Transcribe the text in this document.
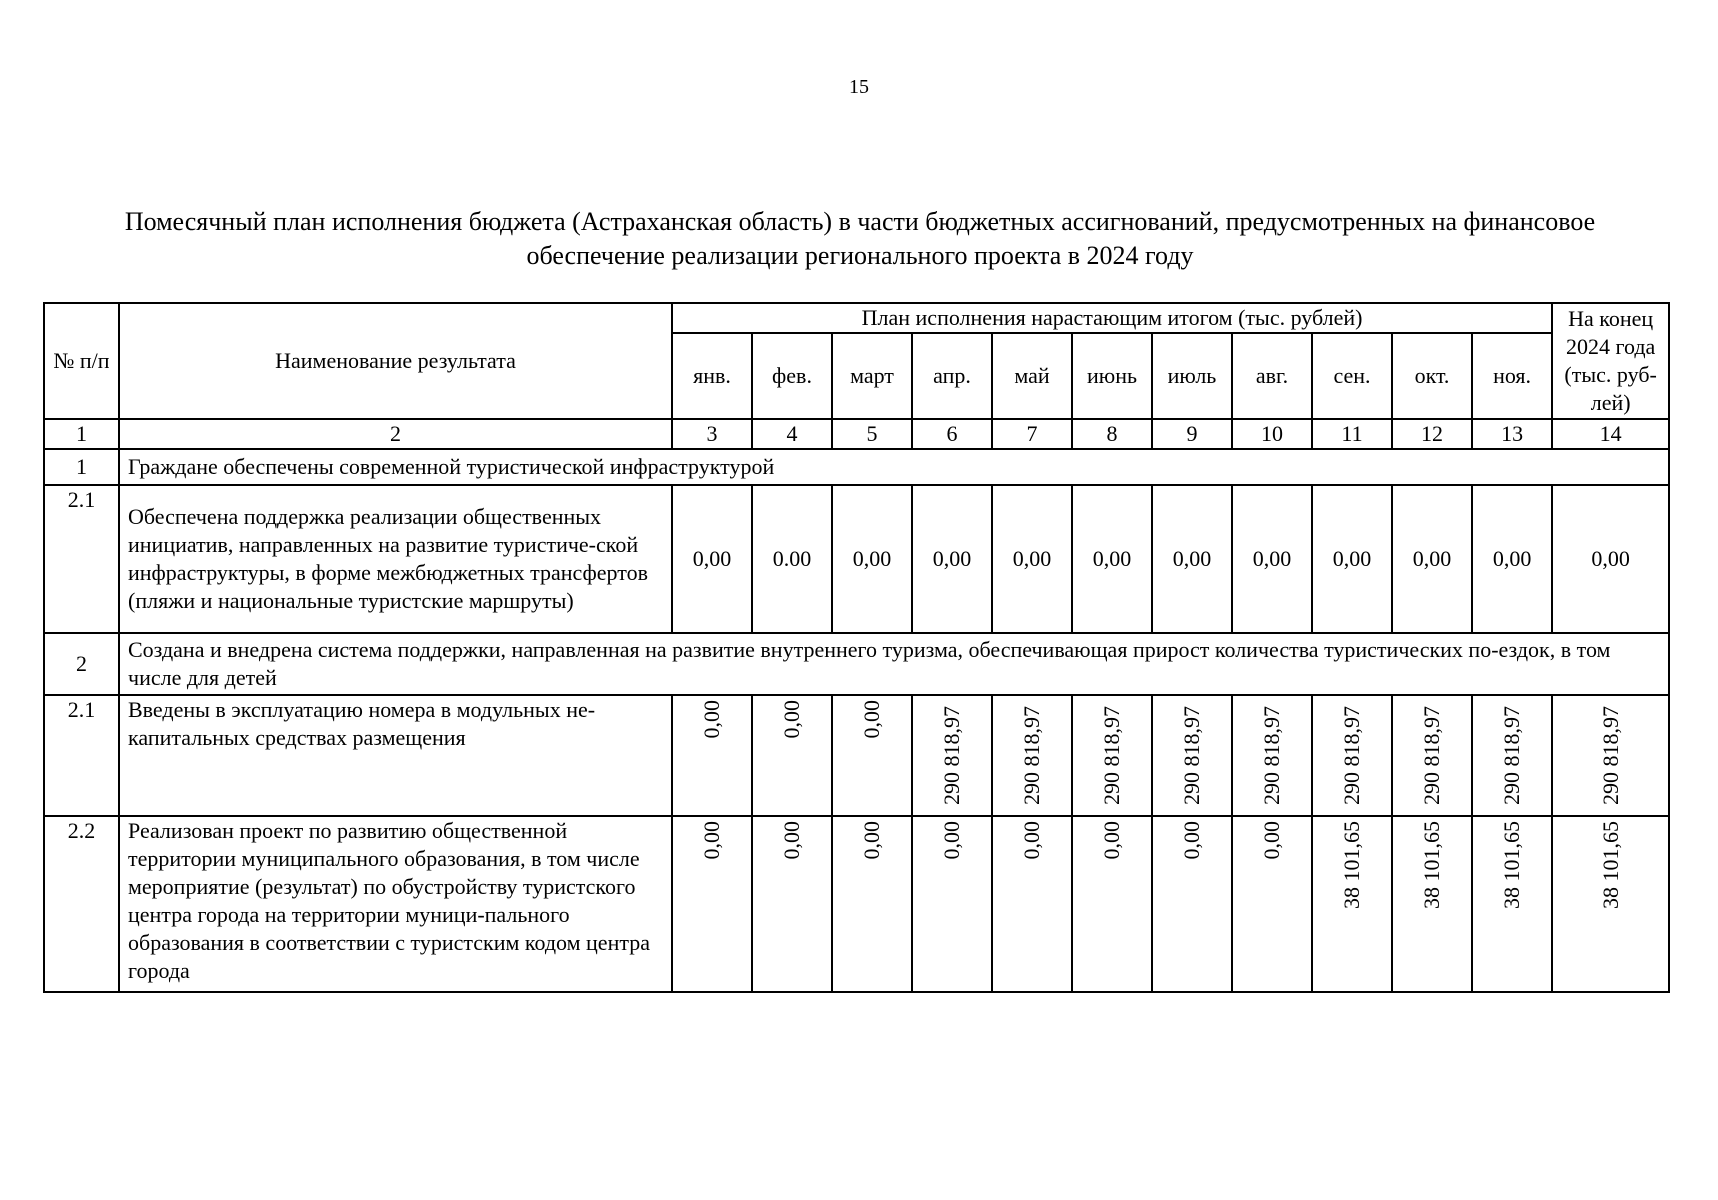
15
Помесячный план исполнения бюджета (Астраханская область) в части бюджетных ассигнований, предусмотренных на финансовое
обеспечение реализации регионального проекта в 2024 году
№ п/п	Наименование результата	План исполнения нарастающим итогом (тыс. рублей)											На конец 2024 года (тыс. руб-лей)
		янв.	фев.	март	апр.	май	июнь	июль	авг.	сен.	окт.	ноя.	
1	2	3	4	5	6	7	8	9	10	11	12	13	14
1	Граждане обеспечены современной туристической инфраструктурой												
2.1	Обеспечена поддержка реализации общественных инициатив, направленных на развитие туристиче-ской инфраструктуры, в форме межбюджетных трансфертов (пляжи и национальные туристские маршруты)	0,00	0.00	0,00	0,00	0,00	0,00	0,00	0,00	0,00	0,00	0,00	0,00
2	Создана и внедрена система поддержки, направленная на развитие внутреннего туризма, обеспечивающая прирост количества туристических по-ездок, в том числе для детей												
2.1	Введены в эксплуатацию номера в модульных не-капитальных средствах размещения	0,00	0,00	0,00	290 818,97	290 818,97	290 818,97	290 818,97	290 818,97	290 818,97	290 818,97	290 818,97	290 818,97

2.2	Реализован проект по развитию общественной территории муниципального образования, в том числе мероприятие (результат) по обустройству туристского центра города на территории муници-пального образования в соответствии с туристским кодом центра города	0,00	0,00	0,00	0,00	0,00	0,00	0,00	0,00	38 101,65	38 101,65	38 101,65	38 101,65
